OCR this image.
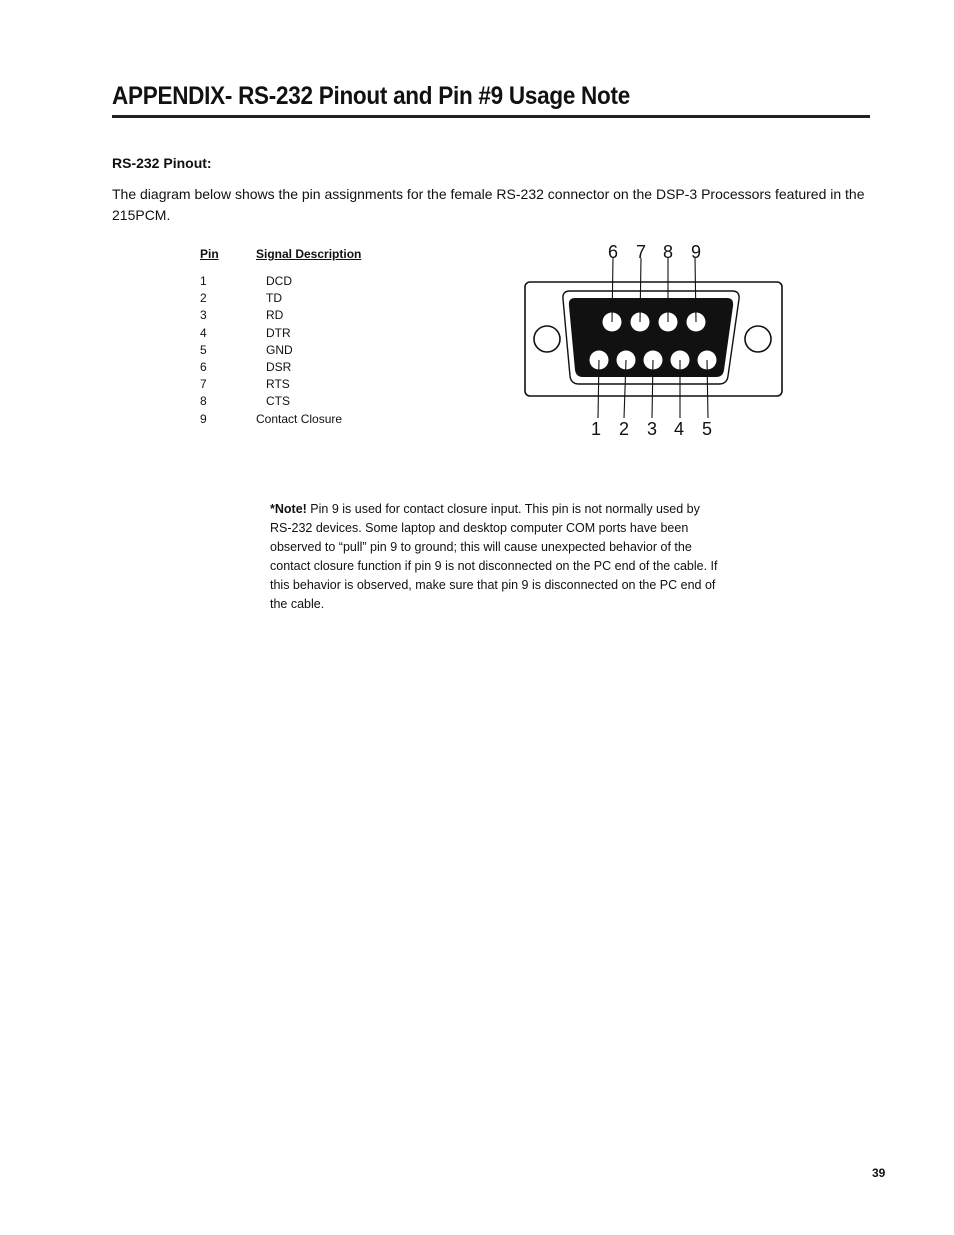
APPENDIX- RS-232 Pinout and Pin #9 Usage Note
RS-232 Pinout:

The diagram below shows the pin assignments for the female RS-232 connector on the DSP-3 Processors featured in the 215PCM.

Pin	Signal Description

1	DCD
2	TD
3	RD
4	DTR
5	GND
6	DSR
7	RTS
8	CTS
9	Contact Closure
6 7 8 9
1 2 3 4 5

*Note! Pin 9 is used for contact closure input. This pin is not normally used by RS-232 devices. Some laptop and desktop computer COM ports have been observed to “pull” pin 9 to ground; this will cause unexpected behavior of the contact closure function if pin 9 is not disconnected on the PC end of the cable. If this behavior is observed, make sure that pin 9 is disconnected on the PC end of the cable.

39
